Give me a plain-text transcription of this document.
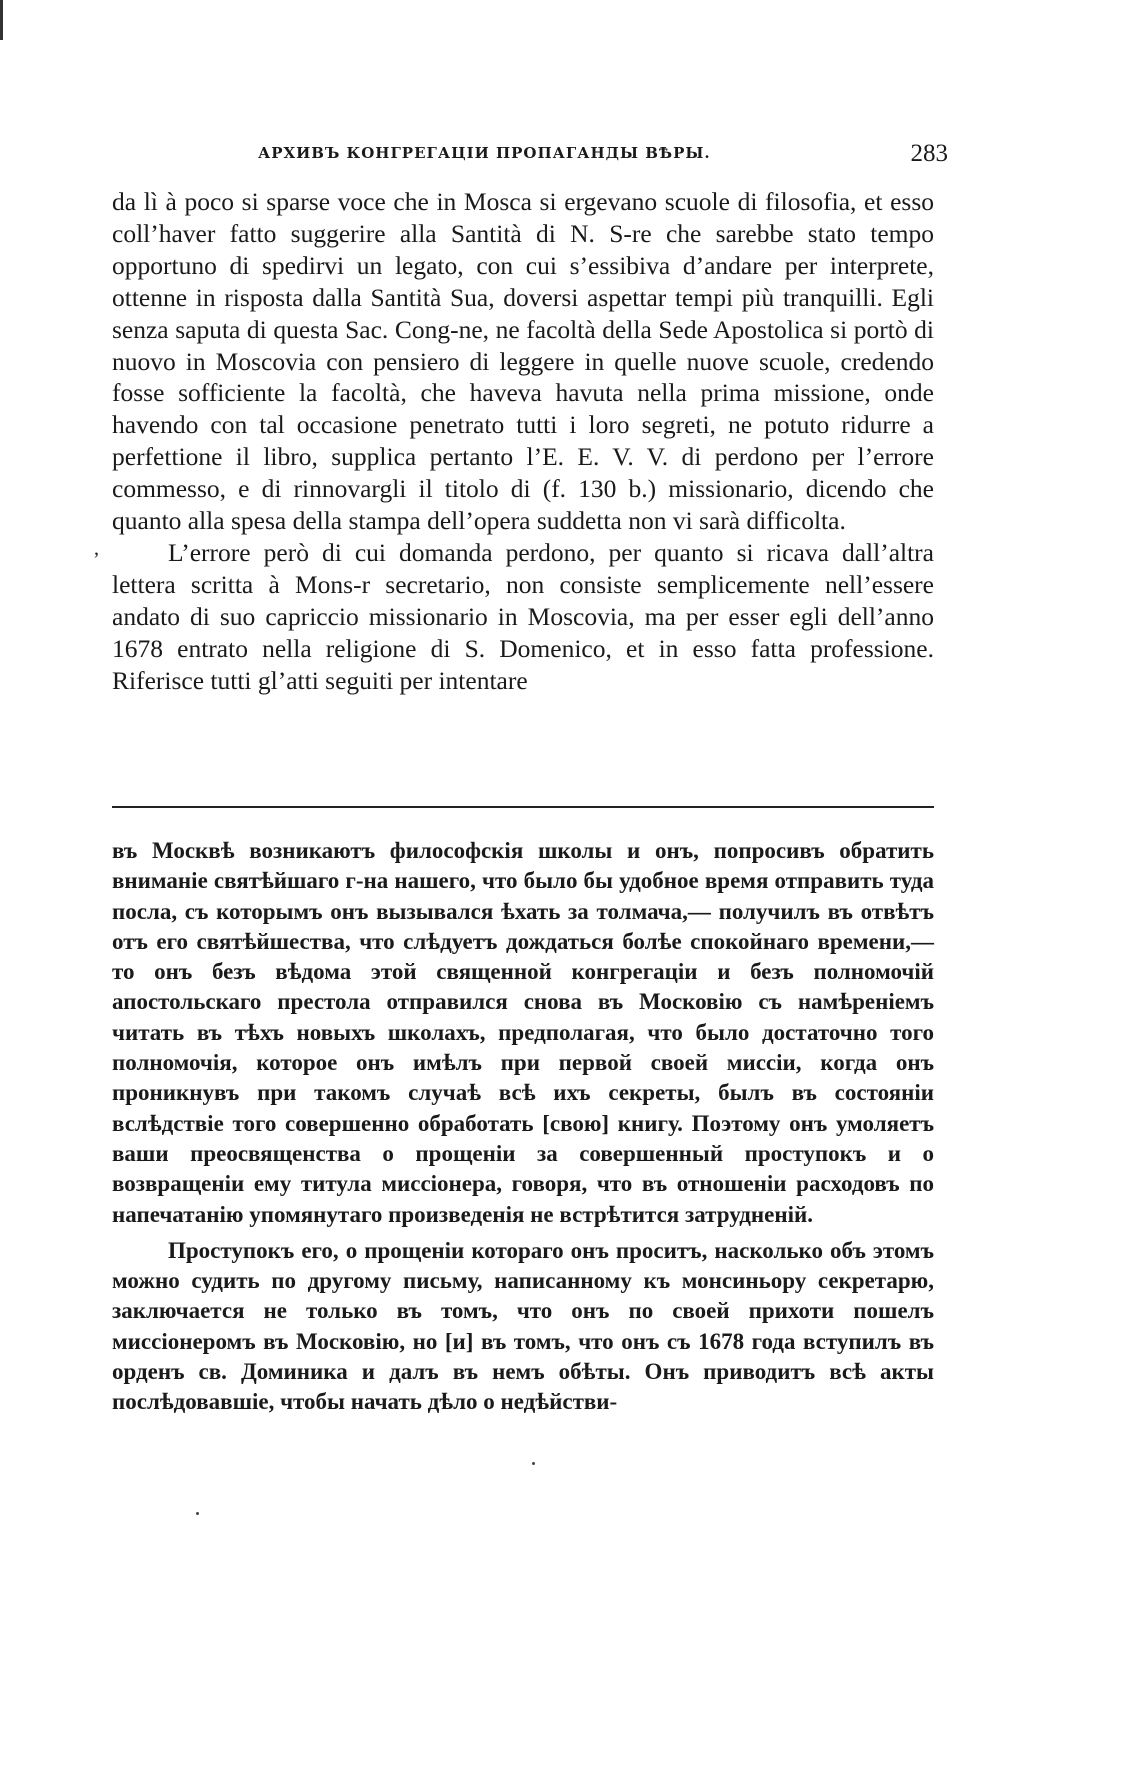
АРХИВЪ КОНГРЕГАЦІИ ПРОПАГАНДЫ ВѢРЫ.	283
ʼ

da lì à poco si sparse voce che in Mosca si ergevano scuole di filosofia, et esso coll’haver fatto suggerire alla Santità di N. S-re che sarebbe stato tempo opportuno di spedirvi un legato, con cui s’essibiva d’andare per interprete, ottenne in risposta dalla Santità Sua, doversi aspettar tempi più tranquilli. Egli senza saputa di questa Sac. Cong-ne, ne facoltà della Sede Apostolica si portò di nuovo in Moscovia con pensiero di leggere in quelle nuove scuole, credendo fosse sofficiente la facoltà, che haveva havuta nella prima missione, onde havendo con tal occasione penetrato tutti i loro segreti, ne potuto ridurre a perfettione il libro, supplica pertanto l’E. E. V. V. di perdono per l’errore commesso, e di rinnovargli il titolo di (f. 130 b.) missionario, dicendo che quanto alla spesa della stampa dell’opera suddetta non vi sarà difficolta.

L’errore però di cui domanda perdono, per quanto si ricava dall’altra lettera scritta à Mons-r secretario, non consiste semplicemente nell’essere andato di suo capriccio missionario in Moscovia, ma per esser egli dell’anno 1678 entrato nella religione di S. Domenico, et in esso fatta professione. Riferisce tutti gl’atti seguiti per intentare

въ Москвѣ возникаютъ философскія школы и онъ, попросивъ обратить вниманіе святѣйшаго г-на нашего, что было бы удобное время отправить туда посла, съ которымъ онъ вызывался ѣхать за толмача,— получилъ въ отвѣтъ отъ его святѣйшества, что слѣдуетъ дождаться болѣе спокойнаго времени,—то онъ безъ вѣдома этой священной конгрегаціи и безъ полномочій апостольскаго престола отправился снова въ Московію съ намѣреніемъ читать въ тѣхъ новыхъ школахъ, предполагая, что было достаточно того полномочія, которое онъ имѣлъ при первой своей миссіи, когда онъ проникнувъ при такомъ случаѣ всѣ ихъ секреты, былъ въ состояніи вслѣдствіе того совершенно обработать [свою] книгу. Поэтому онъ умоляетъ ваши преосвященства о прощеніи за совершенный проступокъ и о возвращеніи ему титула миссіонера, говоря, что въ отношеніи расходовъ по напечатанію упомянутаго произведенія не встрѣтится затрудненій.

Проступокъ его, о прощеніи котораго онъ проситъ, насколько объ этомъ можно судить по другому письму, написанному къ монсиньору секретарю, заключается не только въ томъ, что онъ по своей прихоти пошелъ миссіонеромъ въ Московію, но [и] въ томъ, что онъ съ 1678 года вступилъ въ орденъ св. Доминика и далъ въ немъ обѣты. Онъ приводитъ всѣ акты послѣдовавшіе, чтобы начать дѣло о недѣйстви-
